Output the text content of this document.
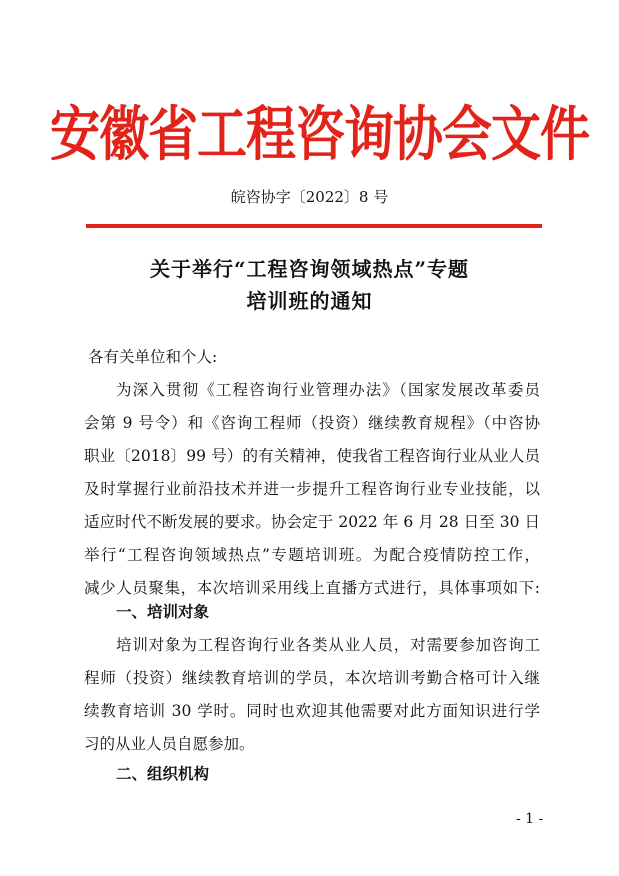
安徽省工程咨询协会文件
皖咨协字〔2022〕8 号
关于举行“工程咨询领域热点”专题
培训班的通知
各有关单位和个人:
为深入贯彻《工程咨询行业管理办法》（国家发展改革委员
会第 9 号令）和《咨询工程师（投资）继续教育规程》（中咨协
职业〔2018〕99 号）的有关精神，使我省工程咨询行业从业人员
及时掌握行业前沿技术并进一步提升工程咨询行业专业技能，以
适应时代不断发展的要求。协会定于 2022 年 6 月 28 日至 30 日
举行“工程咨询领域热点”专题培训班。为配合疫情防控工作，
减少人员聚集，本次培训采用线上直播方式进行，具体事项如下:
一、培训对象
培训对象为工程咨询行业各类从业人员，对需要参加咨询工
程师（投资）继续教育培训的学员，本次培训考勤合格可计入继
续教育培训 30 学时。同时也欢迎其他需要对此方面知识进行学
习的从业人员自愿参加。
二、组织机构
- 1 -
